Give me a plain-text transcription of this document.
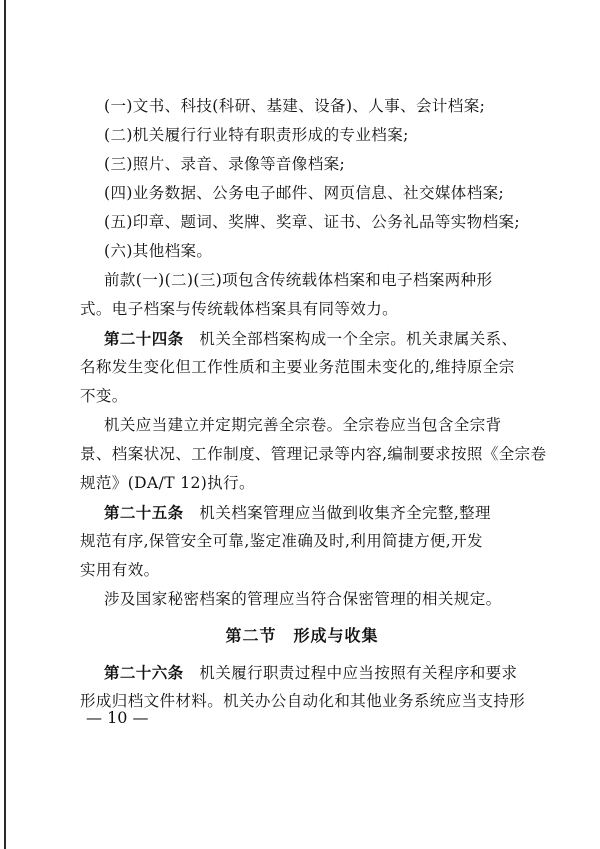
(一)文书、科技(科研、基建、设备)、人事、会计档案;
(二)机关履行行业特有职责形成的专业档案;
(三)照片、录音、录像等音像档案;
(四)业务数据、公务电子邮件、网页信息、社交媒体档案;
(五)印章、题词、奖牌、奖章、证书、公务礼品等实物档案;
(六)其他档案。
前款(一)(二)(三)项包含传统载体档案和电子档案两种形
式。电子档案与传统载体档案具有同等效力。
第二十四条　 机关全部档案构成一个全宗。机关隶属关系、
名称发生变化但工作性质和主要业务范围未变化的,维持原全宗
不变。
机关应当建立并定期完善全宗卷。全宗卷应当包含全宗背
景、档案状况、工作制度、管理记录等内容,编制要求按照《全宗卷
规范》(DA/T 12)执行。
第二十五条　 机关档案管理应当做到收集齐全完整,整理
规范有序,保管安全可靠,鉴定准确及时,利用简捷方便,开发
实用有效。
涉及国家秘密档案的管理应当符合保密管理的相关规定。
第二节　形成与收集
第二十六条　 机关履行职责过程中应当按照有关程序和要求
形成归档文件材料。机关办公自动化和其他业务系统应当支持形
— 10 —
